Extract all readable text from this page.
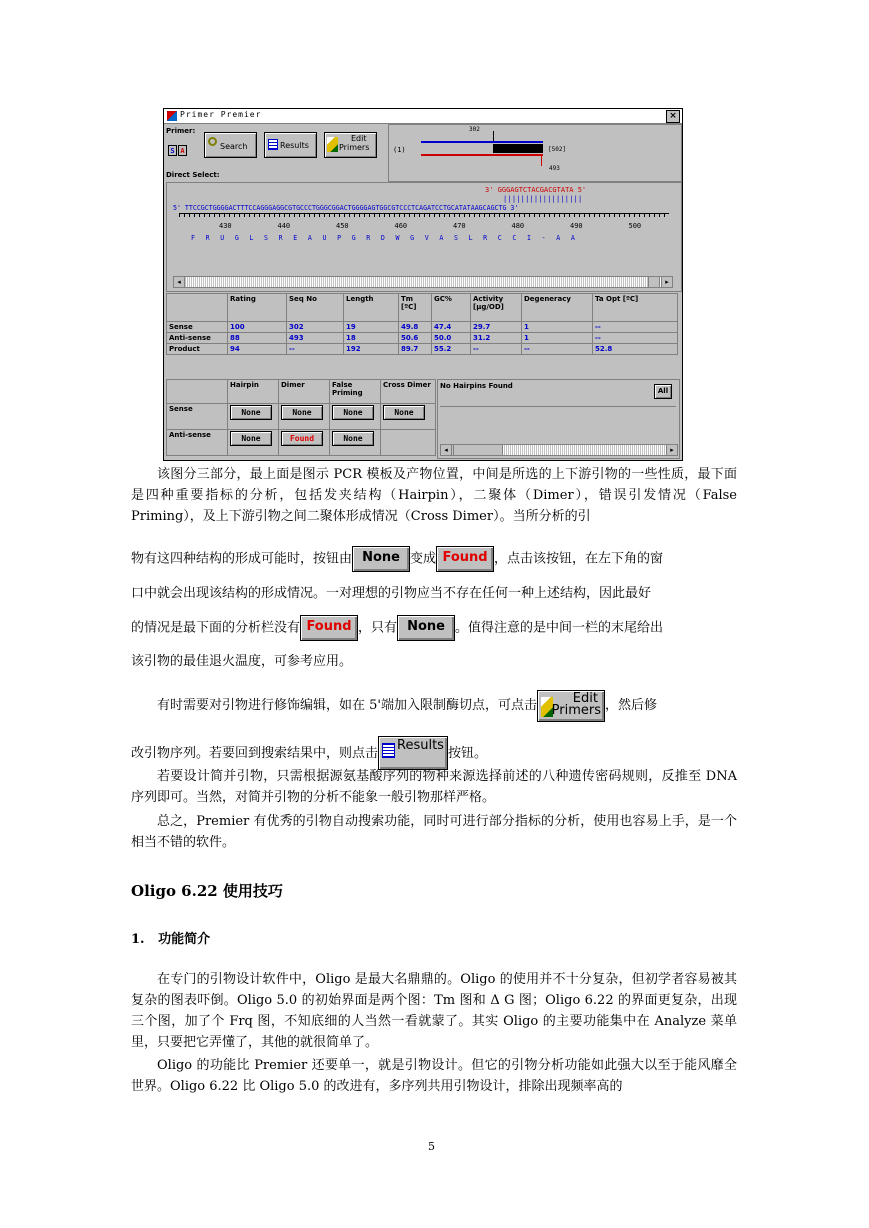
Primer Premier	×
Primer:
S A	Search	Results
Edit
Primers
Direct Select:
(1)
302
[502]
493
3' GGGAGTCTACGACGTATA 5'
||||||||||||||||||
5' TTCCGCTGGGGACTTTCCAGGGAGGCGTGCCCTGGGCGGACTGGGGAGTGGCGTCCCTCAGATCCTGCATATAAGCAGCTG 3'
430	440	450	460	470	480	490	500
F  R  U  G  L  S  R  E  A  U  P  G  R  D  W  G  V  A  S  L  R  C  C  I  -  A  A
◂	▸
	Rating	Seq No	Length	Tm [ºC]	GC%	Activity [μg/OD]	Degeneracy	Ta Opt [ºC]
Sense	100	302	19	49.8	47.4	29.7	1	--
Anti-sense	88	493	18	50.6	50.0	31.2	1	--
Product	94	--	192	89.7	55.2	--	--	52.8
	Hairpin	Dimer	False Priming	Cross Dimer
Sense	None	None	None	None
Anti-sense	None	Found	None	
No Hairpins Found
All
◂	▸
该图分三部分，最上面是图示 PCR 模板及产物位置，中间是所选的上下游引物的一些性质，最下面是四种重要指标的分析，包括发夹结构（Hairpin），二聚体（Dimer），错误引发情况（False Priming），及上下游引物之间二聚体形成情况（Cross Dimer）。当所分析的引
物有这四种结构的形成可能时，按钮由 None 变成 Found ，点击该按钮，在左下角的窗
口中就会出现该结构的形成情况。一对理想的引物应当不存在任何一种上述结构，因此最好
的情况是最下面的分析栏没有 Found ，只有 None 。值得注意的是中间一栏的末尾给出
该引物的最佳退火温度，可参考应用。
有时需要对引物进行修饰编辑，如在 5'端加入限制酶切点，可点击	Edit
Primers ，然后修
改引物序列。若要回到搜索结果中，则点击
Results
按钮。
若要设计简并引物，只需根据源氨基酸序列的物种来源选择前述的八种遗传密码规则，反推至 DNA 序列即可。当然，对简并引物的分析不能象一般引物那样严格。
总之，Premier 有优秀的引物自动搜索功能，同时可进行部分指标的分析，使用也容易上手，是一个相当不错的软件。
Oligo 6.22 使用技巧
1.   功能简介
在专门的引物设计软件中，Oligo 是最大名鼎鼎的。Oligo 的使用并不十分复杂，但初学者容易被其复杂的图表吓倒。Oligo 5.0 的初始界面是两个图：Tm 图和 Δ G 图；Oligo 6.22 的界面更复杂，出现三个图，加了个 Frq 图，不知底细的人当然一看就蒙了。其实 Oligo 的主要功能集中在 Analyze 菜单里，只要把它弄懂了，其他的就很简单了。
Oligo 的功能比 Premier 还要单一，就是引物设计。但它的引物分析功能如此强大以至于能风靡全世界。Oligo 6.22 比 Oligo 5.0 的改进有，多序列共用引物设计，排除出现频率高的
5
